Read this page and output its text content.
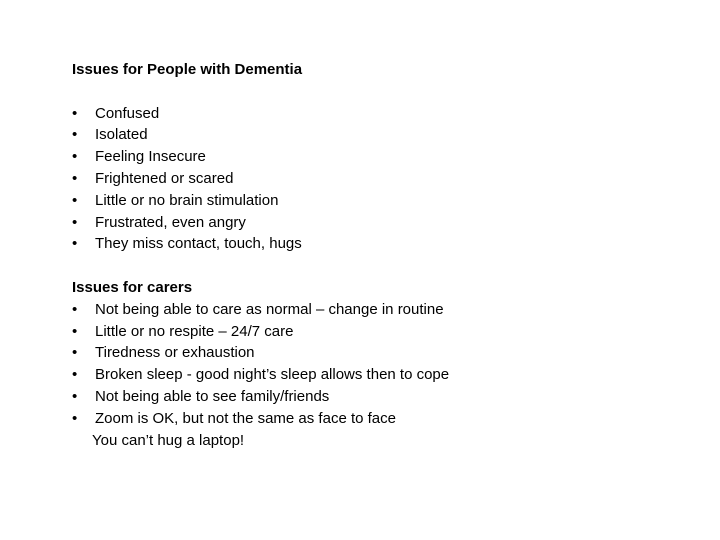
Issues for People with Dementia

•	Confused
•	Isolated
•	Feeling Insecure
•	Frightened or scared
•	Little or no brain stimulation
•	Frustrated, even angry
•	They miss contact, touch, hugs

Issues for carers

•	Not being able to care as normal – change in routine
•	Little or no respite – 24/7 care
•	Tiredness or exhaustion
•	Broken sleep - good night’s sleep allows then to cope
•	Not being able to see family/friends
•	Zoom is OK, but not the same as face to face
You can’t hug a laptop!
